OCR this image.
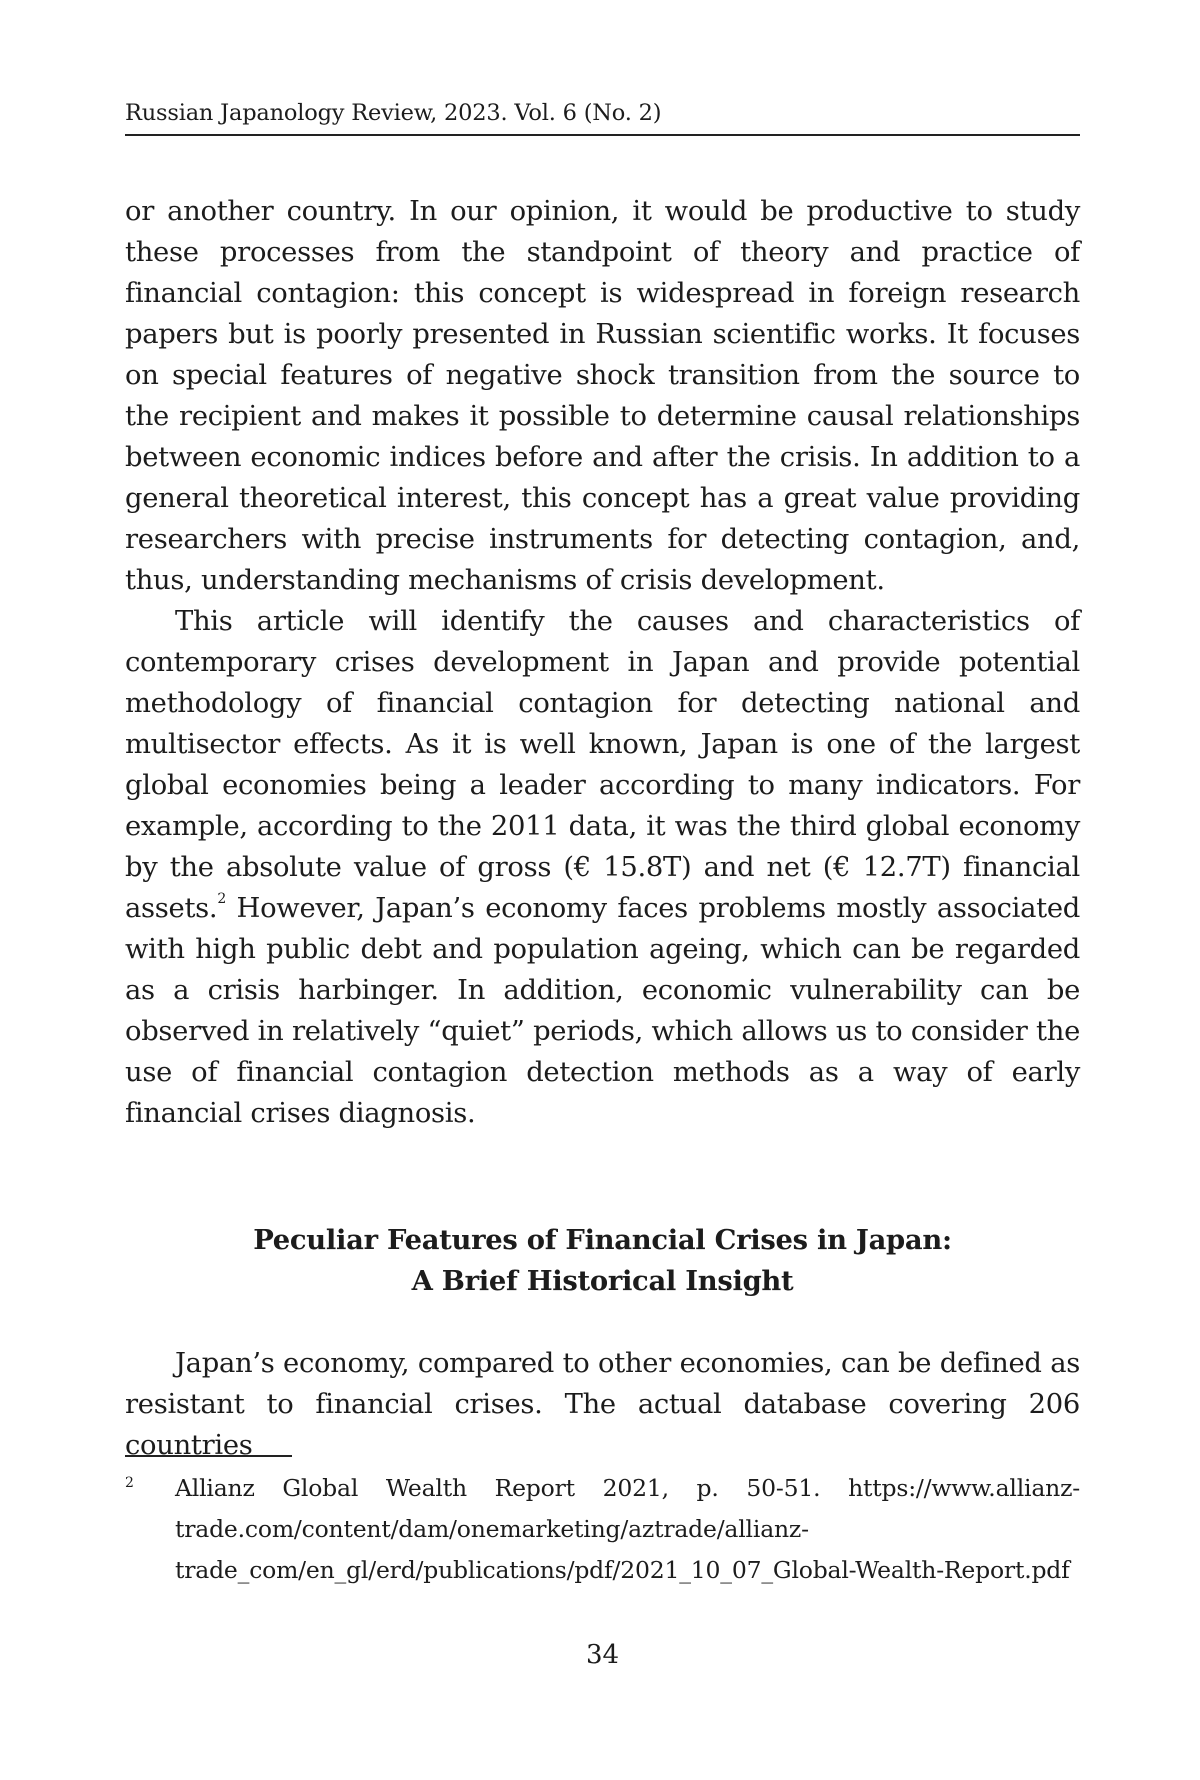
Russian Japanology Review, 2023. Vol. 6 (No. 2)

or another country. In our opinion, it would be productive to study these processes from the standpoint of theory and practice of financial contagion: this concept is widespread in foreign research papers but is poorly presented in Russian scientific works. It focuses on special features of negative shock transition from the source to the recipient and makes it possible to determine causal relationships between economic indices before and after the crisis. In addition to a general theoretical interest, this concept has a great value providing researchers with precise instruments for detecting contagion, and, thus, understanding mechanisms of crisis development.

This article will identify the causes and characteristics of contemporary crises development in Japan and provide potential methodology of financial contagion for detecting national and multisector effects. As it is well known, Japan is one of the largest global economies being a leader according to many indicators. For example, according to the 2011 data, it was the third global economy by the absolute value of gross (€ 15.8T) and net (€ 12.7T) financial assets.$^2$ However, Japan’s economy faces problems mostly associated with high public debt and population ageing, which can be regarded as a crisis harbinger. In addition, economic vulnerability can be observed in relatively “quiet” periods, which allows us to consider the use of financial contagion detection methods as a way of early financial crises diagnosis.

Peculiar Features of Financial Crises in Japan:
A Brief Historical Insight

Japan’s economy, compared to other economies, can be defined as resistant to financial crises. The actual database covering 206 countries

2 Allianz Global Wealth Report 2021, p. 50-51. https://www.allianz-trade.com/content/dam/onemarketing/aztrade/allianz-trade_com/en_gl/erd/publications/pdf/2021_10_07_Global-Wealth-Report.pdf
34
